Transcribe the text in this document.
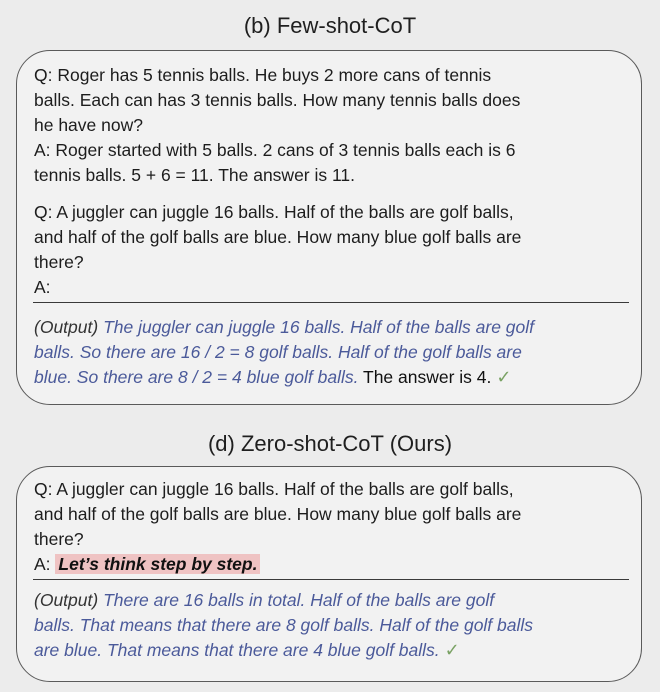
(b) Few-shot-CoT

Q: Roger has 5 tennis balls. He buys 2 more cans of tennis
balls. Each can has 3 tennis balls. How many tennis balls does
he have now?

A: Roger started with 5 balls. 2 cans of 3 tennis balls each is 6
tennis balls. 5 + 6 = 11. The answer is 11.

Q: A juggler can juggle 16 balls. Half of the balls are golf balls,
and half of the golf balls are blue. How many blue golf balls are
there?
A:

(Output) The juggler can juggle 16 balls. Half of the balls are golf
balls. So there are 16 / 2 = 8 golf balls. Half of the golf balls are
blue. So there are 8 / 2 = 4 blue golf balls. The answer is 4. ✓

(d) Zero-shot-CoT (Ours)

Q: A juggler can juggle 16 balls. Half of the balls are golf balls,
and half of the golf balls are blue. How many blue golf balls are
there?
A: Let’s think step by step.

(Output) There are 16 balls in total. Half of the balls are golf
balls. That means that there are 8 golf balls. Half of the golf balls
are blue. That means that there are 4 blue golf balls. ✓
